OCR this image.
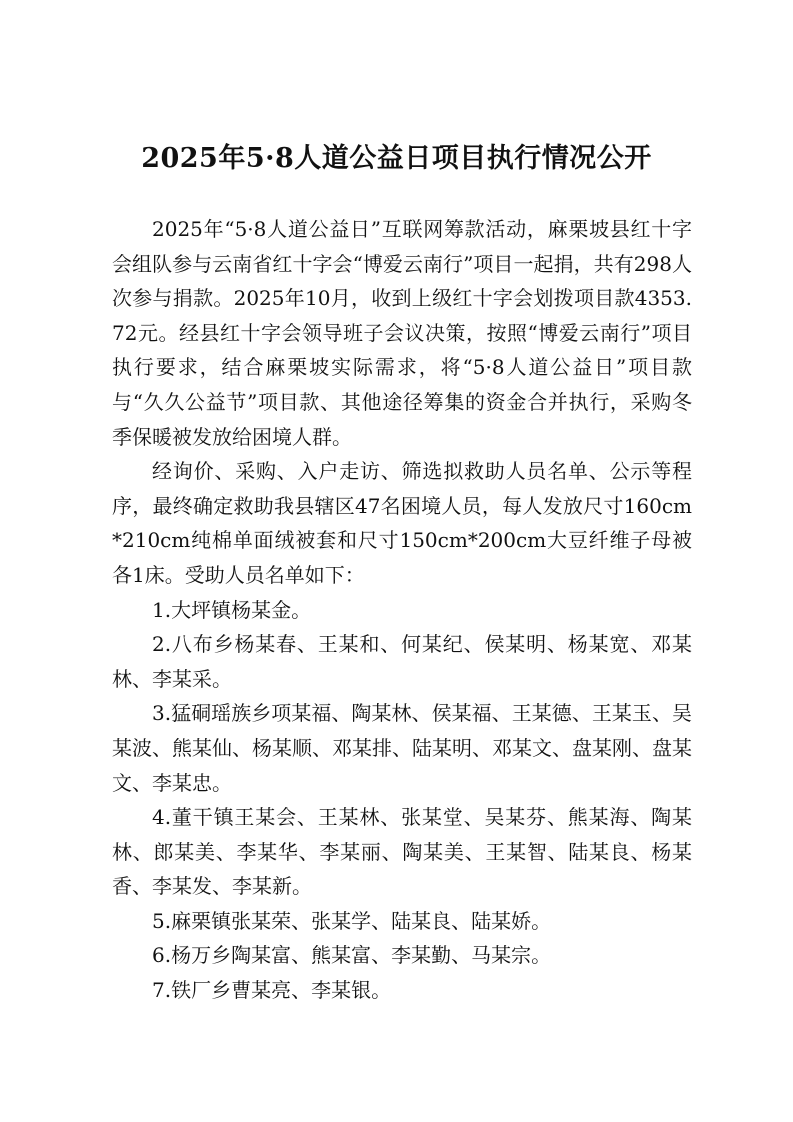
2025年5·8人道公益日项目执行情况公开

2025年“5·8人道公益日”互联网筹款活动，麻栗坡县红十字会组队参与云南省红十字会“博爱云南行”项目一起捐，共有298人次参与捐款。2025年10月，收到上级红十字会划拨项目款4353.72元。经县红十字会领导班子会议决策，按照“博爱云南行”项目执行要求，结合麻栗坡实际需求，将“5·8人道公益日”项目款与“久久公益节”项目款、其他途径筹集的资金合并执行，采购冬季保暖被发放给困境人群。

经询价、采购、入户走访、筛选拟救助人员名单、公示等程序，最终确定救助我县辖区47名困境人员，每人发放尺寸160cm*210cm纯棉单面绒被套和尺寸150cm*200cm大豆纤维子母被各1床。受助人员名单如下：

1.大坪镇杨某金。

2.八布乡杨某春、王某和、何某纪、侯某明、杨某宽、邓某林、李某采。

3.猛硐瑶族乡项某福、陶某林、侯某福、王某德、王某玉、吴某波、熊某仙、杨某顺、邓某排、陆某明、邓某文、盘某刚、盘某文、李某忠。

4.董干镇王某会、王某林、张某堂、吴某芬、熊某海、陶某林、郎某美、李某华、李某丽、陶某美、王某智、陆某良、杨某香、李某发、李某新。

5.麻栗镇张某荣、张某学、陆某良、陆某娇。

6.杨万乡陶某富、熊某富、李某勤、马某宗。

7.铁厂乡曹某亮、李某银。
